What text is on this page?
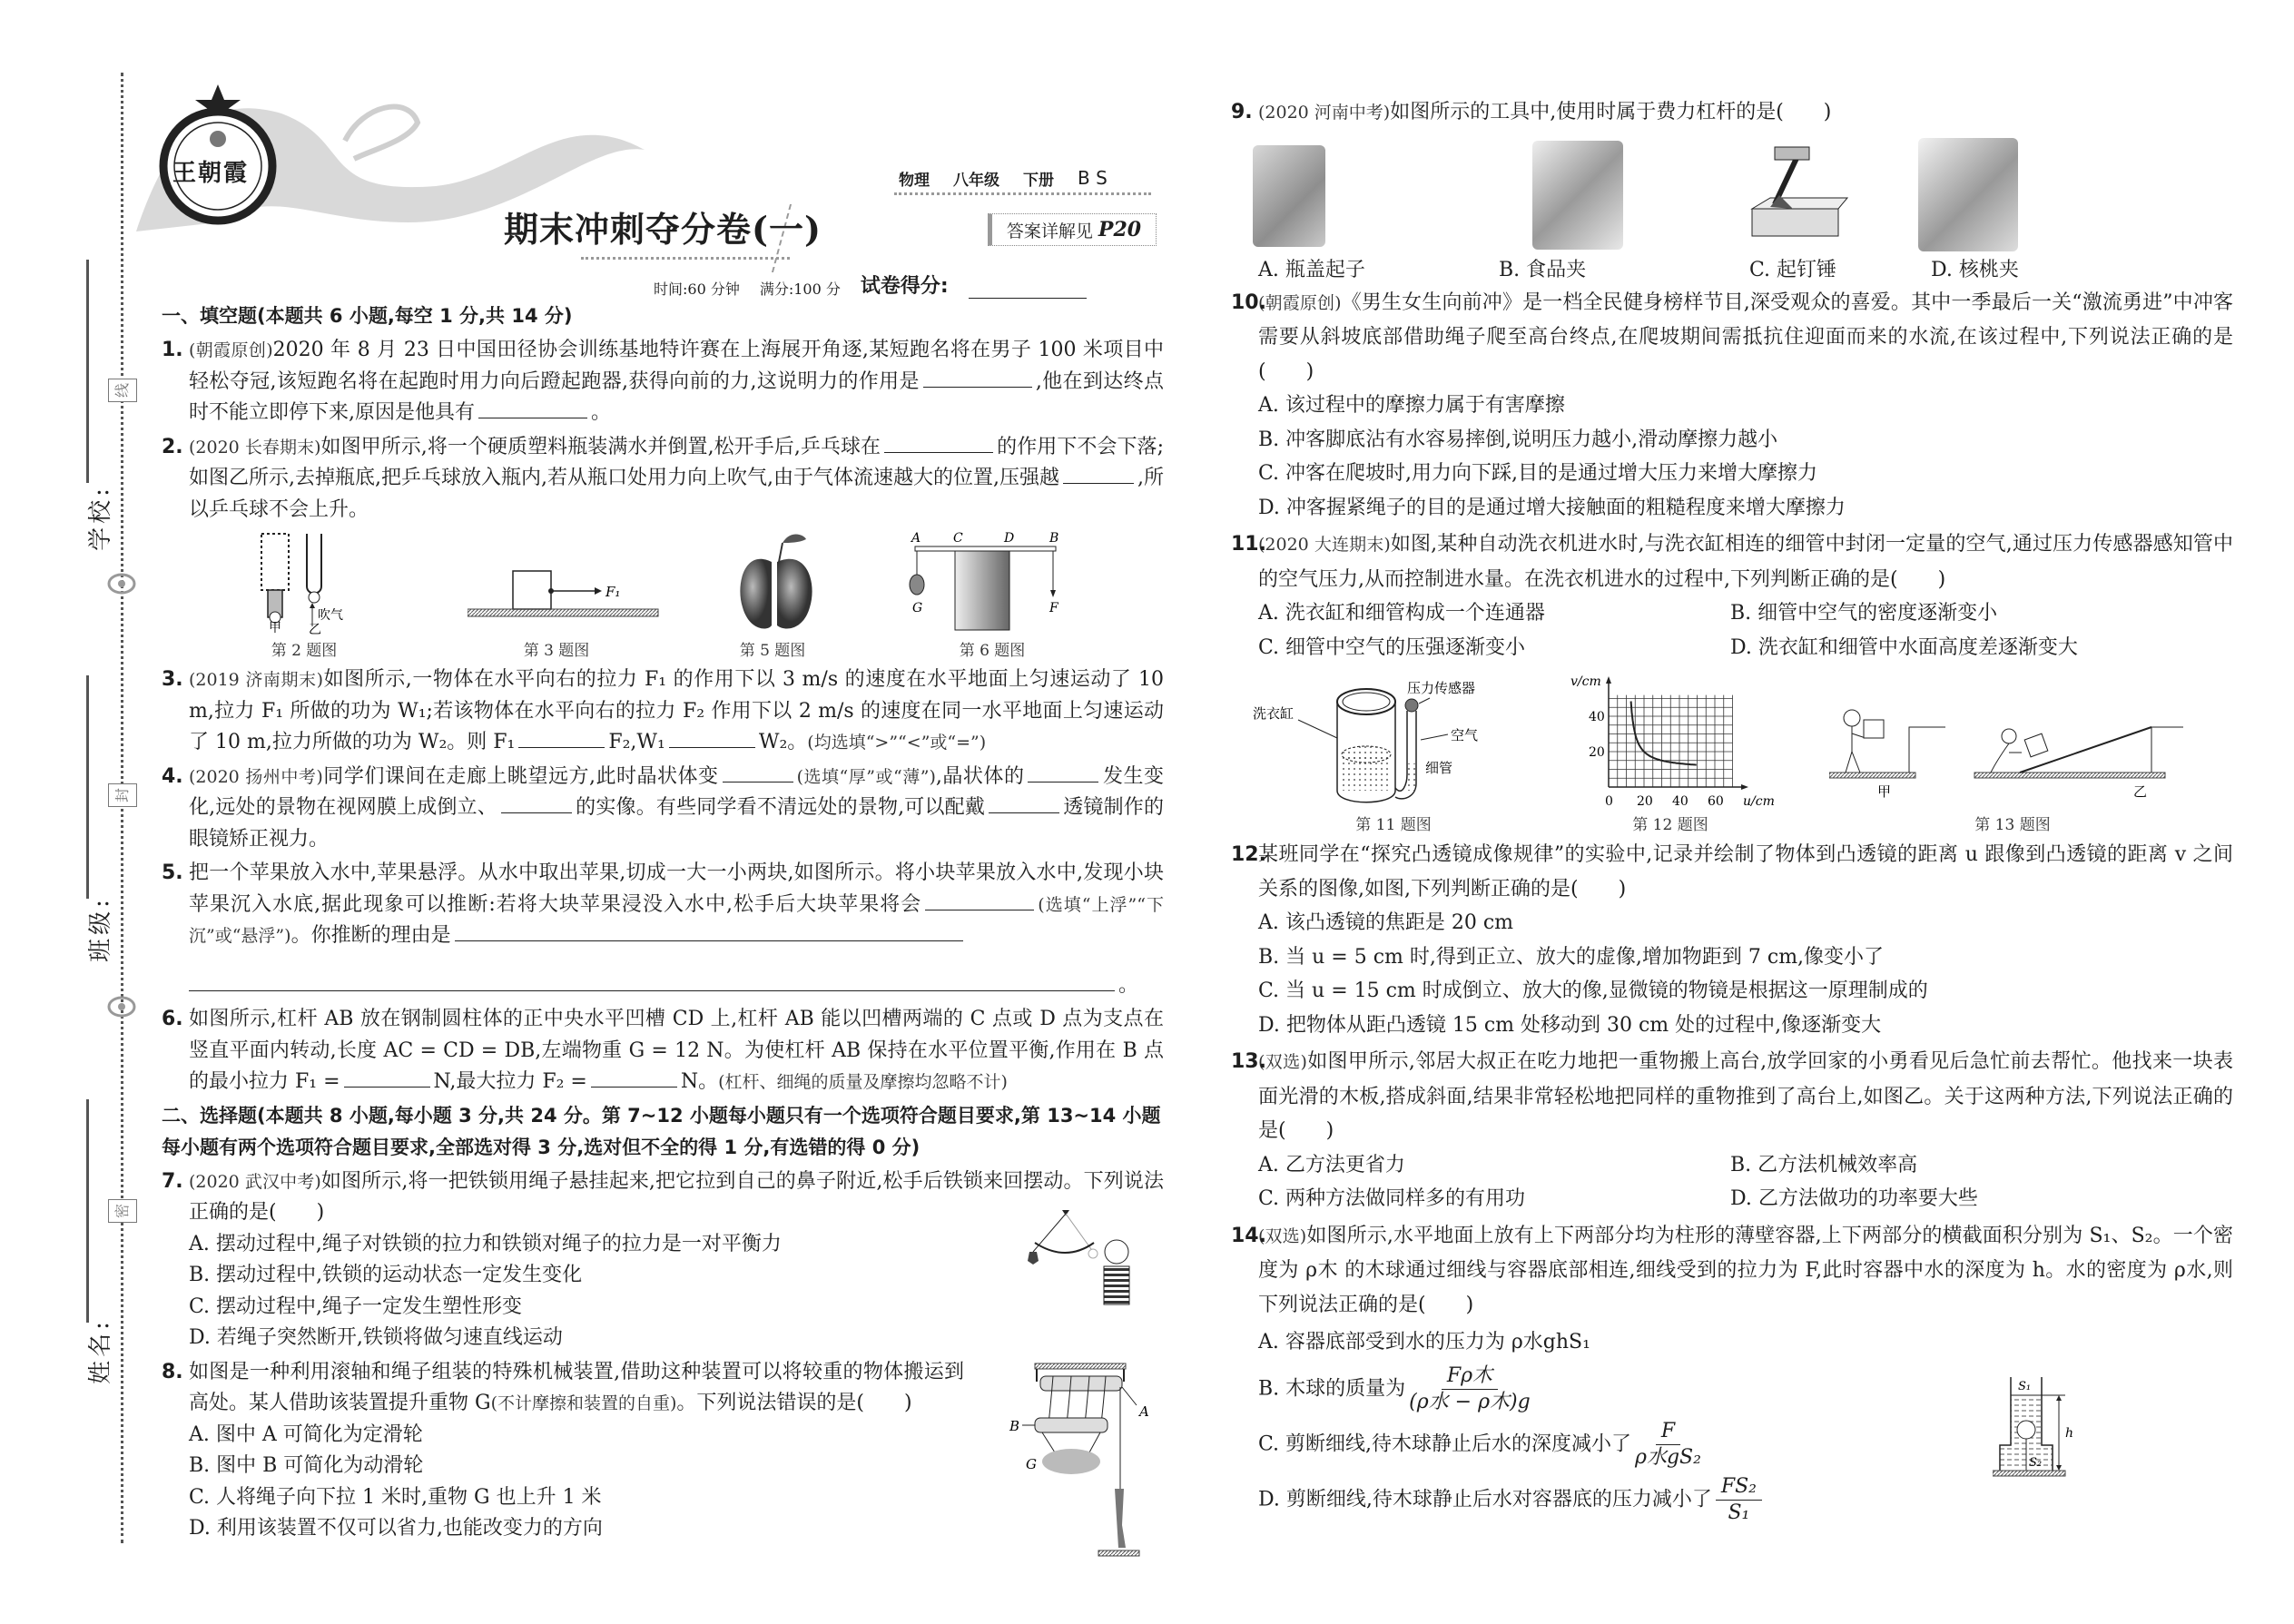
学校:
班级:
姓名:
线
封
密
王朝霞	物理 八年级 下册 B S
期末冲刺夺分卷(一)	答案详解见 P20
时间:60 分钟 满分:100 分 试卷得分:
一、填空题(本题共 6 小题,每空 1 分,共 14 分)
1. (朝霞原创)2020 年 8 月 23 日中国田径协会训练基地特许赛在上海展开角逐,某短跑名将在男子 100 米项目中轻松夺冠,该短跑名将在起跑时用力向后蹬起跑器,获得向前的力,这说明力的作用是	,他在到达终点时不能立即停下来,原因是他具有	。
2. (2020 长春期末)如图甲所示,将一个硬质塑料瓶装满水并倒置,松开手后,乒乓球在	的作用下不会下落;如图乙所示,去掉瓶底,把乒乓球放入瓶内,若从瓶口处用力向上吹气,由于气体流速越大的位置,压强越	,所以乒乓球不会上升。
吹气
甲 乙
第 2 题图
F₁
第 3 题图	第 5 题图
A	C	D	B
G	F
第 6 题图
3. (2019 济南期末)如图所示,一物体在水平向右的拉力 F₁ 的作用下以 3 m/s 的速度在水平地面上匀速运动了 10 m,拉力 F₁ 所做的功为 W₁;若该物体在水平向右的拉力 F₂ 作用下以 2 m/s 的速度在同一水平地面上匀速运动了 10 m,拉力所做的功为 W₂。则 F₁	F₂,W₁	W₂。(均选填“>”“<”或“=”)
4. (2020 扬州中考)同学们课间在走廊上眺望远方,此时晶状体变	(选填“厚”或“薄”),晶状体的	发生变化,远处的景物在视网膜上成倒立、	的实像。有些同学看不清远处的景物,可以配戴	透镜制作的眼镜矫正视力。
5. 把一个苹果放入水中,苹果悬浮。从水中取出苹果,切成一大一小两块,如图所示。将小块苹果放入水中,发现小块苹果沉入水底,据此现象可以推断:若将大块苹果浸没入水中,松手后大块苹果将会	(选填“上浮”“下沉”或“悬浮”)。你推断的理由是
。
6. 如图所示,杠杆 AB 放在钢制圆柱体的正中央水平凹槽 CD 上,杠杆 AB 能以凹槽两端的 C 点或 D 点为支点在竖直平面内转动,长度 AC = CD = DB,左端物重 G = 12 N。为使杠杆 AB 保持在水平位置平衡,作用在 B 点的最小拉力 F₁ =	N,最大拉力 F₂ =	N。(杠杆、细绳的质量及摩擦均忽略不计)
二、选择题(本题共 8 小题,每小题 3 分,共 24 分。第 7~12 小题每小题只有一个选项符合题目要求,第 13~14 小题每小题有两个选项符合题目要求,全部选对得 3 分,选对但不全的得 1 分,有选错的得 0 分)
7. (2020 武汉中考)如图所示,将一把铁锁用绳子悬挂起来,把它拉到自己的鼻子附近,松手后铁锁来回摆动。下列说法正确的是(　　)
A. 摆动过程中,绳子对铁锁的拉力和铁锁对绳子的拉力是一对平衡力
B. 摆动过程中,铁锁的运动状态一定发生变化
C. 摆动过程中,绳子一定发生塑性形变
D. 若绳子突然断开,铁锁将做匀速直线运动
8. 如图是一种利用滚轴和绳子组装的特殊机械装置,借助这种装置可以将较重的物体搬运到高处。某人借助该装置提升重物 G(不计摩擦和装置的自重)。下列说法错误的是(　　)
A. 图中 A 可简化为定滑轮
B. 图中 B 可简化为动滑轮
C. 人将绳子向下拉 1 米时,重物 G 也上升 1 米
D. 利用该装置不仅可以省力,也能改变力的方向
A
B
G
9. (2020 河南中考)如图所示的工具中,使用时属于费力杠杆的是(　　)
A. 瓶盖起子	B. 食品夹	C. 起钉锤	D. 核桃夹
10.
(朝霞原创)《男生女生向前冲》是一档全民健身榜样节目,深受观众的喜爱。其中一季最后一关“激流勇进”中冲客需要从斜坡底部借助绳子爬至高台终点,在爬坡期间需抵抗住迎面而来的水流,在该过程中,下列说法正确的是(　　)
A. 该过程中的摩擦力属于有害摩擦
B. 冲客脚底沾有水容易摔倒,说明压力越小,滑动摩擦力越小
C. 冲客在爬坡时,用力向下踩,目的是通过增大压力来增大摩擦力
D. 冲客握紧绳子的目的是通过增大接触面的粗糙程度来增大摩擦力
11.
(2020 大连期末)如图,某种自动洗衣机进水时,与洗衣缸相连的细管中封闭一定量的空气,通过压力传感器感知管中的空气压力,从而控制进水量。在洗衣机进水的过程中,下列判断正确的是(　　)
A. 洗衣缸和细管构成一个连通器	B. 细管中空气的密度逐渐变小
C. 细管中空气的压强逐渐变小	D. 洗衣缸和细管中水面高度差逐渐变大
洗衣缸
压力传感器
空气
细管
第 11 题图
v/cm
u/cm
40
20
0 20 40 60
第 12 题图
甲	乙
第 13 题图
12.
某班同学在“探究凸透镜成像规律”的实验中,记录并绘制了物体到凸透镜的距离 u 跟像到凸透镜的距离 v 之间关系的图像,如图,下列判断正确的是(　　)
A. 该凸透镜的焦距是 20 cm
B. 当 u = 5 cm 时,得到正立、放大的虚像,增加物距到 7 cm,像变小了
C. 当 u = 15 cm 时成倒立、放大的像,显微镜的物镜是根据这一原理制成的
D. 把物体从距凸透镜 15 cm 处移动到 30 cm 处的过程中,像逐渐变大
13.
(双选)如图甲所示,邻居大叔正在吃力地把一重物搬上高台,放学回家的小勇看见后急忙前去帮忙。他找来一块表面光滑的木板,搭成斜面,结果非常轻松地把同样的重物推到了高台上,如图乙。关于这两种方法,下列说法正确的是(　　)
A. 乙方法更省力	B. 乙方法机械效率高
C. 两种方法做同样多的有用功	D. 乙方法做功的功率要大些
14.
(双选)如图所示,水平地面上放有上下两部分均为柱形的薄壁容器,上下两部分的横截面积分别为 S₁、S₂。一个密度为 ρ木 的木球通过细线与容器底部相连,细线受到的拉力为 F,此时容器中水的深度为 h。水的密度为 ρ水,则下列说法正确的是(　　)
A. 容器底部受到水的压力为 ρ水ghS₁
B. 木球的质量为 $\frac{\text{Fρ木}}{\text{(ρ水 − ρ木)g}}$
C. 剪断细线,待木球静止后水的深度减小了 $\frac{F}{\text{ρ水gS₂}}$
D. 剪断细线,待木球静止后水对容器底的压力减小了 $\frac{\text{FS₂}}{\text{S₁}}$
S₁
S₂
h
